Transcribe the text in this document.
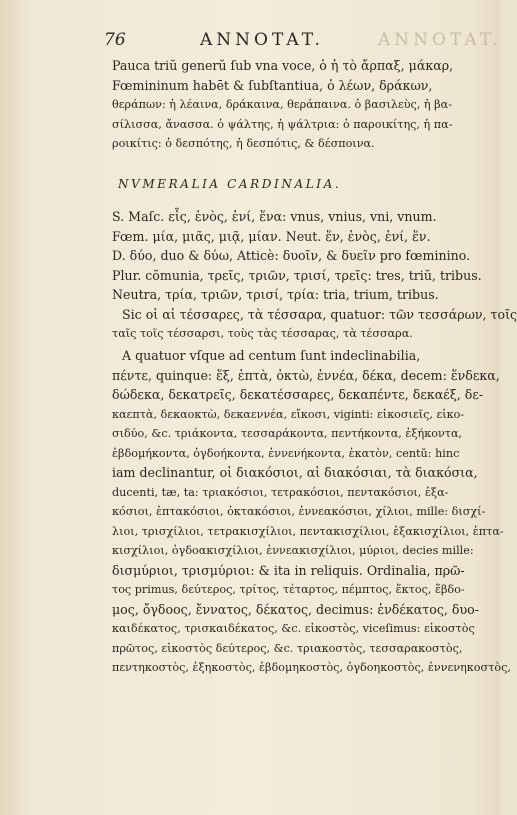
76	ANNOTAT.	ANNOTAT.
Pauca triŭ generŭ ſub vna voce, ὁ ἡ τὸ ἄρπαξ, μάκαρ,
Fœmininum habēt & ſubſtantiua, ὁ λέων, δράκων,
θεράπων: ἡ λέαινα, δράκαινα, θεράπαινα. ὁ βασιλεὺς, ἡ βα-
σίλισσα, ἄνασσα. ὁ ψάλτης, ἡ ψάλτρια: ὁ παροικίτης, ἡ πα-
ροικίτις: ὁ δεσπότης, ἡ δεσπότις, & δέσποινα.
NVMERALIA CARDINALIA.
S. Maſc. εἷς, ἑνὸς, ἑνί, ἕνα: vnus, vnius, vni, vnum.
Fœm. μία, μιᾶς, μιᾷ, μίαν. Neut. ἕν, ἑνὸς, ἑνί, ἕν.
D. δύο, duo & δύω, Atticè: δυοῖν, & δυεῖν pro fœminino.
Plur. cõmunia, τρεῖς, τριῶν, τρισί, τρεῖς: tres, triŭ, tribus.
Neutra, τρία, τριῶν, τρισί, τρία: tria, trium, tribus.
Sic οἱ αἱ τέσσαρες, τὰ τέσσαρα, quatuor: τῶν τεσσάρων, τοῖς
ταῖς τοῖς τέσσαρσι, τοὺς τὰς τέσσαρας, τὰ τέσσαρα.
A quatuor vſque ad centum ſunt indeclinabilia,
πέντε, quinque: ἕξ, ἑπτὰ, ὀκτὼ, ἐννέα, δέκα, decem: ἕνδεκα,
δώδεκα, δεκατρεῖς, δεκατέσσαρες, δεκαπέντε, δεκαέξ, δε-
καεπτὰ, δεκαοκτὼ, δεκαεννέα, εἴκοσι, viginti: εἰκοσιεῖς, εἰκο-
σιδύο, &c. τριάκοντα, τεσσαράκοντα, πεντήκοντα, ἑξήκοντα,
ἑβδομήκοντα, ὀγδοήκοντα, ἐννενήκοντα, ἑκατὸν, centŭ: hinc
iam declinantur, οἱ διακόσιοι, αἱ διακόσιαι, τὰ διακόσια,
ducenti, tæ, ta: τριακόσιοι, τετρακόσιοι, πεντακόσιοι, ἑξα-
κόσιοι, ἑπτακόσιοι, ὀκτακόσιοι, ἐννεακόσιοι, χίλιοι, mille: δισχί-
λιοι, τρισχίλιοι, τετρακισχίλιοι, πεντακισχίλιοι, ἑξακισχίλιοι, ἑπτα-
κισχίλιοι, ὀγδοακισχίλιοι, ἐννεακισχίλιοι, μύριοι, decies mille:
δισμύριοι, τρισμύριοι: & ita in reliquis. Ordinalia, πρῶ-
τος primus, δεύτερος, τρίτος, τέταρτος, πέμπτος, ἕκτος, ἕβδο-
μος, ὄγδοος, ἔννατος, δέκατος, decimus: ἑνδέκατος, δυο-
καιδέκατος, τρισκαιδέκατος, &c. εἰκοστὸς, viceſimus: εἰκοστὸς
πρῶτος, εἰκοστὸς δεύτερος, &c. τριακοστὸς, τεσσαρακοστὸς,
πεντηκοστὸς, ἑξηκοστὸς, ἑβδομηκοστὸς, ὀγδοηκοστὸς, ἐννενηκοστὸς,
